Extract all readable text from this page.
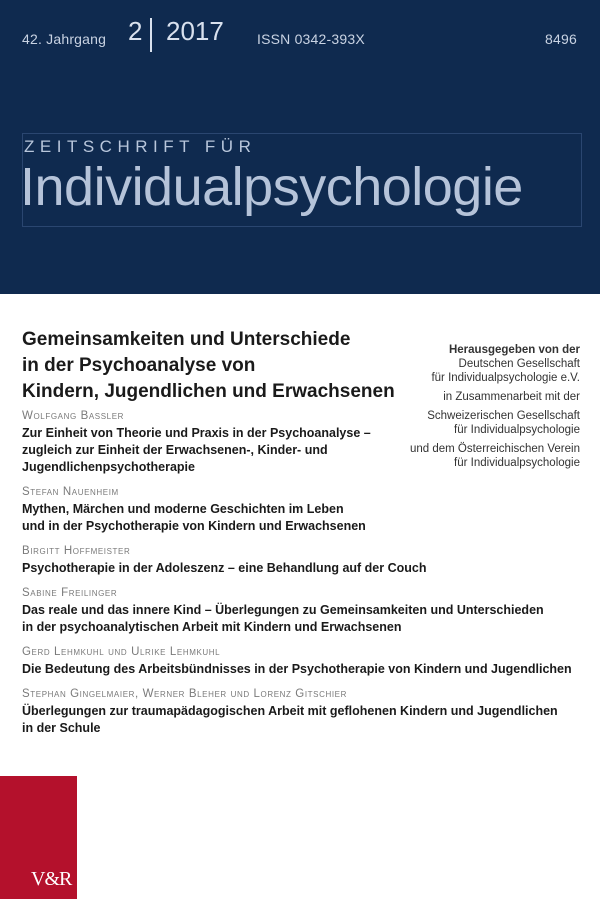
42. Jahrgang 2 2017 ISSN 0342-393X	8496
ZEITSCHRIFT FÜR
Individualpsychologie
Gemeinsamkeiten und Unterschiede
in der Psychoanalyse von
Kindern, Jugendlichen und Erwachsenen
Herausgegeben von der
Deutschen Gesellschaft
für Individualpsychologie e.V.
in Zusammenarbeit mit der
Schweizerischen Gesellschaft
für Individualpsychologie
und dem Österreichischen Verein
für Individualpsychologie
Wolfgang Bassler
Zur Einheit von Theorie und Praxis in der Psychoanalyse –
zugleich zur Einheit der Erwachsenen-, Kinder- und
Jugendlichenpsychotherapie
Stefan Nauenheim
Mythen, Märchen und moderne Geschichten im Leben
und in der Psychotherapie von Kindern und Erwachsenen
Birgitt Hoffmeister
Psychotherapie in der Adoleszenz – eine Behandlung auf der Couch
Sabine Freilinger
Das reale und das innere Kind – Überlegungen zu Gemeinsamkeiten und Unterschieden
in der psychoanalytischen Arbeit mit Kindern und Erwachsenen
Gerd Lehmkuhl und Ulrike Lehmkuhl
Die Bedeutung des Arbeitsbündnisses in der Psychotherapie von Kindern und Jugendlichen
Stephan Gingelmaier, Werner Bleher und Lorenz Gitschier
Überlegungen zur traumapädagogischen Arbeit mit geflohenen Kindern und Jugendlichen
in der Schule
V&R
